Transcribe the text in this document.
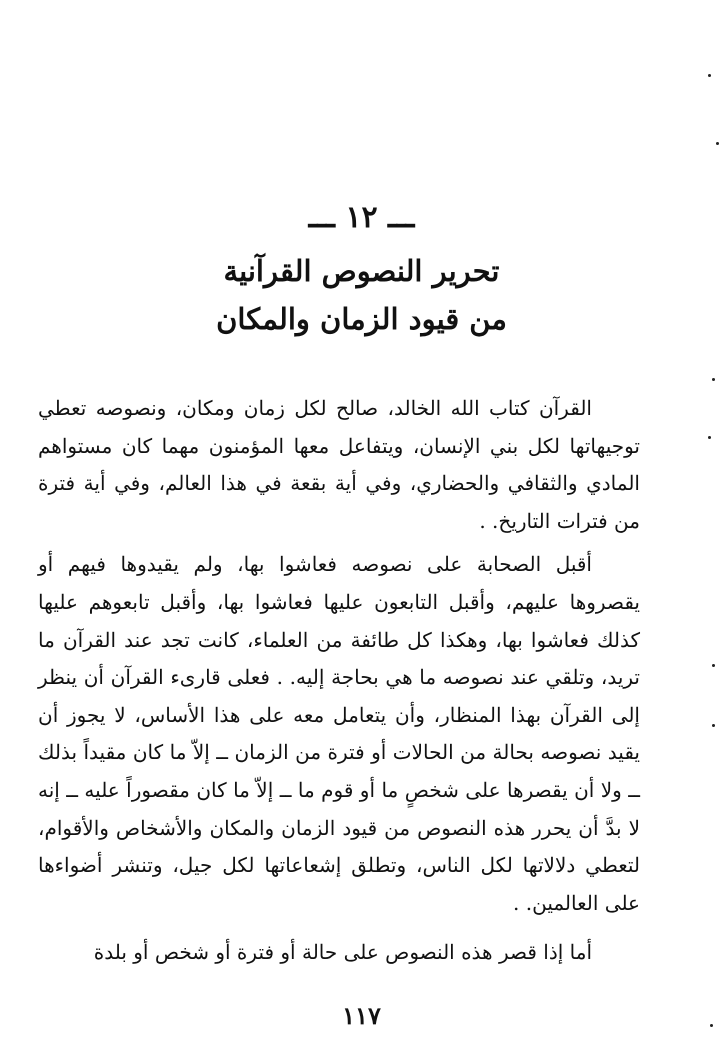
ـــ ١٢ ـــ
تحرير النصوص القرآنية
من قيود الزمان والمكان

القرآن كتاب الله الخالد، صالح لكل زمان ومكان، ونصوصه تعطي توجيهاتها لكل بني الإنسان، ويتفاعل معها المؤمنون مهما كان مستواهم المادي والثقافي والحضاري، وفي أية بقعة في هذا العالم، وفي أية فترة من فترات التاريخ. .

أقبل الصحابة على نصوصه فعاشوا بها، ولم يقيدوها فيهم أو يقصروها عليهم، وأقبل التابعون عليها فعاشوا بها، وأقبل تابعوهم عليها كذلك فعاشوا بها، وهكذا كل طائفة من العلماء، كانت تجد عند القرآن ما تريد، وتلقي عند نصوصه ما هي بحاجة إليه. . فعلى قارىء القرآن أن ينظر إلى القرآن بهذا المنظار، وأن يتعامل معه على هذا الأساس، لا يجوز أن يقيد نصوصه بحالة من الحالات أو فترة من الزمان ــ إلاّ ما كان مقيداً بذلك ــ ولا أن يقصرها على شخصٍ ما أو قوم ما ــ إلاّ ما كان مقصوراً عليه ــ إنه لا بدَّ أن يحرر هذه النصوص من قيود الزمان والمكان والأشخاص والأقوام، لتعطي دلالاتها لكل الناس، وتطلق إشعاعاتها لكل جيل، وتنشر أضواءها على العالمين. .

أما إذا قصر هذه النصوص على حالة أو فترة أو شخص أو بلدة

١١٧
